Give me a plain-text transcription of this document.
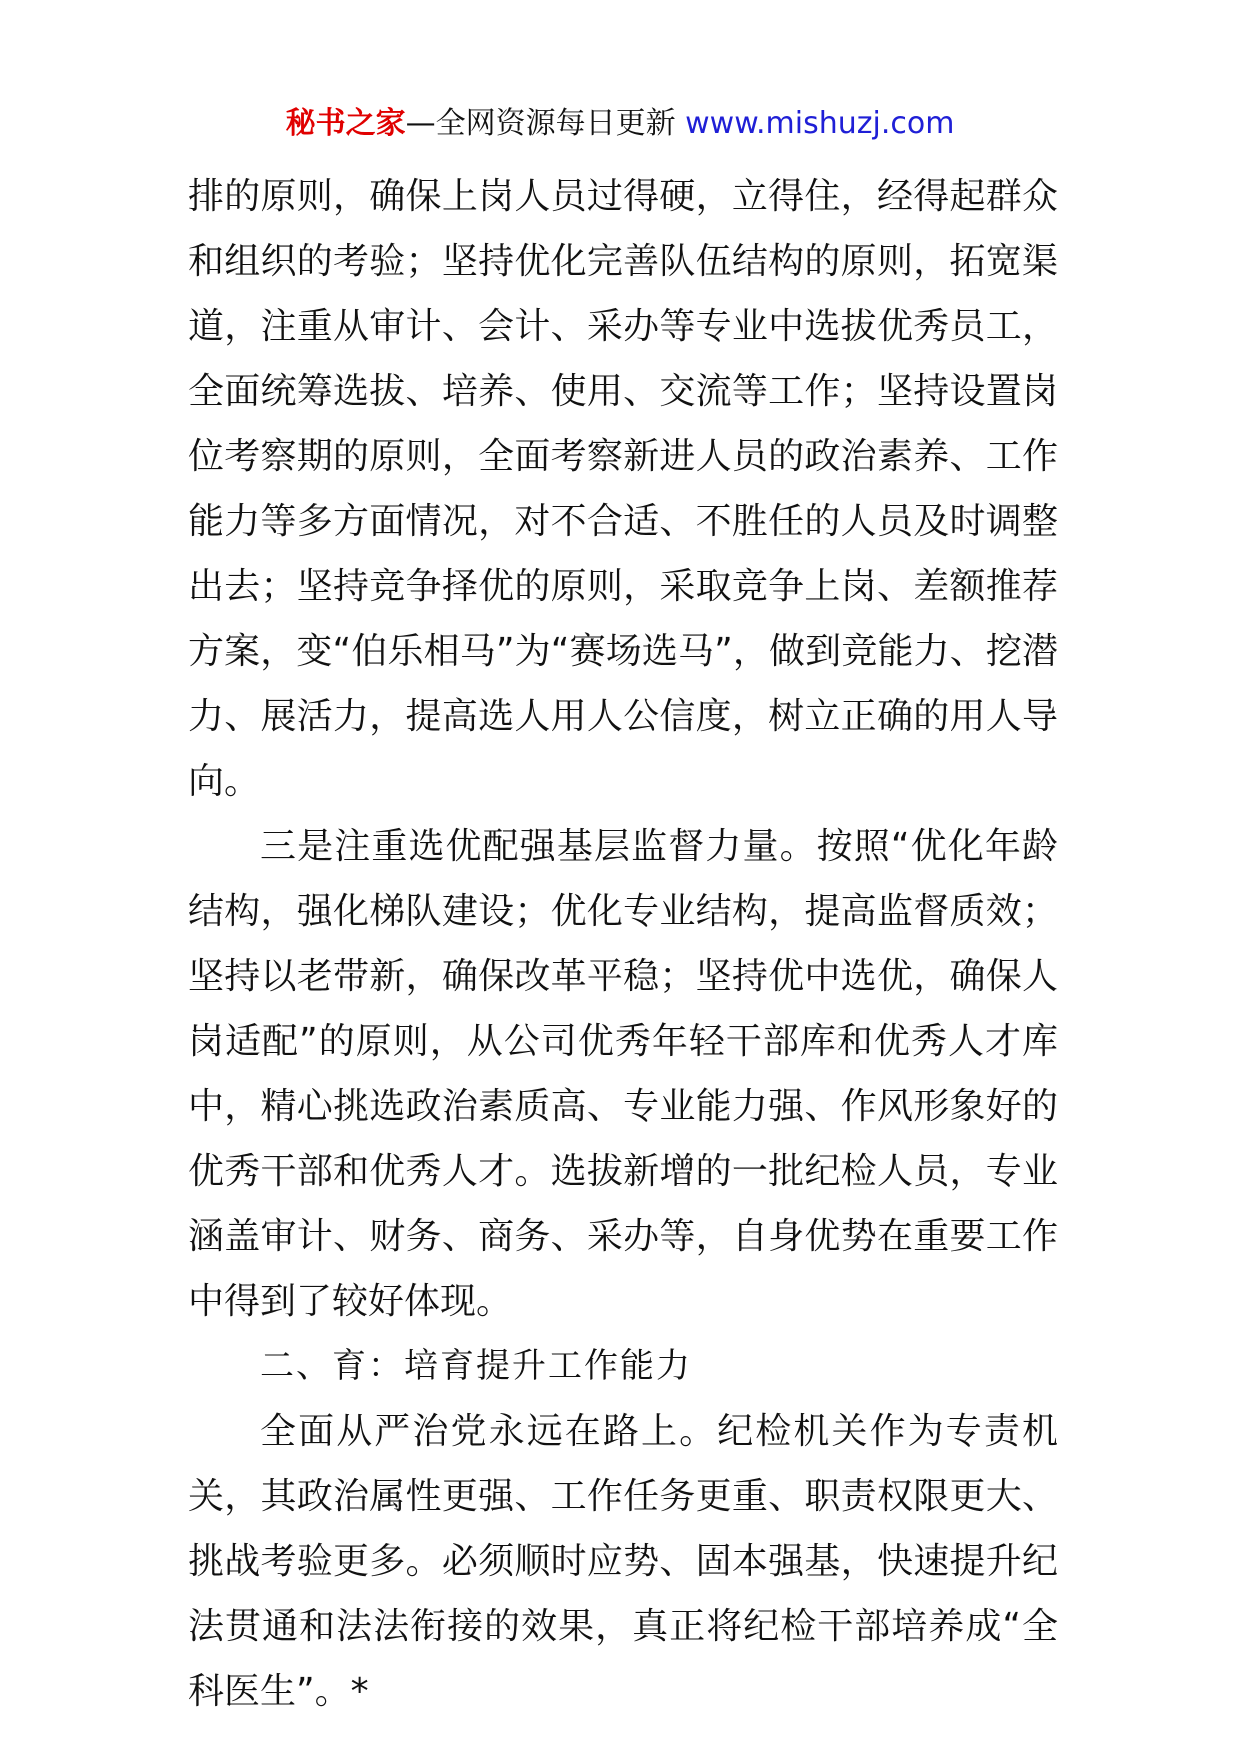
秘书之家—全网资源每日更新 www.mishuzj.com

排的原则，确保上岗人员过得硬，立得住，经得起群众和组织的考验；坚持优化完善队伍结构的原则，拓宽渠道，注重从审计、会计、采办等专业中选拔优秀员工，全面统筹选拔、培养、使用、交流等工作；坚持设置岗位考察期的原则，全面考察新进人员的政治素养、工作能力等多方面情况，对不合适、不胜任的人员及时调整出去；坚持竞争择优的原则，采取竞争上岗、差额推荐方案，变“伯乐相马”为“赛场选马”，做到竞能力、挖潜力、展活力，提高选人用人公信度，树立正确的用人导向。

三是注重选优配强基层监督力量。按照“优化年龄结构，强化梯队建设；优化专业结构，提高监督质效；坚持以老带新，确保改革平稳；坚持优中选优，确保人岗适配”的原则，从公司优秀年轻干部库和优秀人才库中，精心挑选政治素质高、专业能力强、作风形象好的优秀干部和优秀人才。选拔新增的一批纪检人员，专业涵盖审计、财务、商务、采办等，自身优势在重要工作中得到了较好体现。

二、育：培育提升工作能力

全面从严治党永远在路上。纪检机关作为专责机关，其政治属性更强、工作任务更重、职责权限更大、挑战考验更多。必须顺时应势、固本强基，快速提升纪法贯通和法法衔接的效果，真正将纪检干部培养成“全科医生”。*
